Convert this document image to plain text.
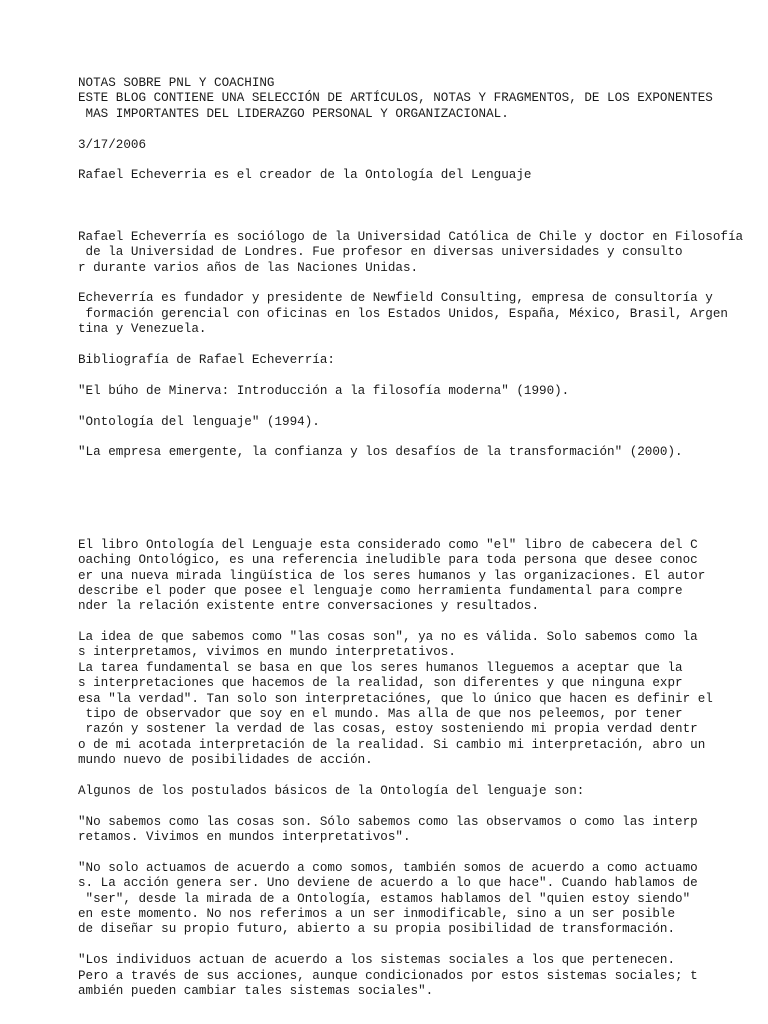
NOTAS SOBRE PNL Y COACHING
ESTE BLOG CONTIENE UNA SELECCIÓN DE ARTÍCULOS, NOTAS Y FRAGMENTOS, DE LOS EXPONENTES
MAS IMPORTANTES DEL LIDERAZGO PERSONAL Y ORGANIZACIONAL.
3/17/2006
Rafael Echeverria es el creador de la Ontología del Lenguaje
Rafael Echeverría es sociólogo de la Universidad Católica de Chile y doctor en Filosofía
de la Universidad de Londres. Fue profesor en diversas universidades y consulto
r durante varios años de las Naciones Unidas.
Echeverría es fundador y presidente de Newfield Consulting, empresa de consultoría y
formación gerencial con oficinas en los Estados Unidos, España, México, Brasil, Argen
tina y Venezuela.
Bibliografía de Rafael Echeverría:
"El búho de Minerva: Introducción a la filosofía moderna" (1990).
"Ontología del lenguaje" (1994).
"La empresa emergente, la confianza y los desafíos de la transformación" (2000).
El libro Ontología del Lenguaje esta considerado como "el" libro de cabecera del C
oaching Ontológico, es una referencia ineludible para toda persona que desee conoc
er una nueva mirada lingüística de los seres humanos y las organizaciones. El autor
describe el poder que posee el lenguaje como herramienta fundamental para compre
nder la relación existente entre conversaciones y resultados.
La idea de que sabemos como "las cosas son", ya no es válida. Solo sabemos como la
s interpretamos, vivimos en mundo interpretativos.
La tarea fundamental se basa en que los seres humanos lleguemos a aceptar que la
s interpretaciones que hacemos de la realidad, son diferentes y que ninguna expr
esa "la verdad". Tan solo son interpretaciónes, que lo único que hacen es definir el
tipo de observador que soy en el mundo. Mas alla de que nos peleemos, por tener
razón y sostener la verdad de las cosas, estoy sosteniendo mi propia verdad dentr
o de mi acotada interpretación de la realidad. Si cambio mi interpretación, abro un
mundo nuevo de posibilidades de acción.
Algunos de los postulados básicos de la Ontología del lenguaje son:
"No sabemos como las cosas son. Sólo sabemos como las observamos o como las interp
retamos. Vivimos en mundos interpretativos".
"No solo actuamos de acuerdo a como somos, también somos de acuerdo a como actuamo
s. La acción genera ser. Uno deviene de acuerdo a lo que hace". Cuando hablamos de
"ser", desde la mirada de a Ontología, estamos hablamos del "quien estoy siendo"
en este momento. No nos referimos a un ser inmodificable, sino a un ser posible
de diseñar su propio futuro, abierto a su propia posibilidad de transformación.
"Los individuos actuan de acuerdo a los sistemas sociales a los que pertenecen.
Pero a través de sus acciones, aunque condicionados por estos sistemas sociales; t
ambién pueden cambiar tales sistemas sociales".
